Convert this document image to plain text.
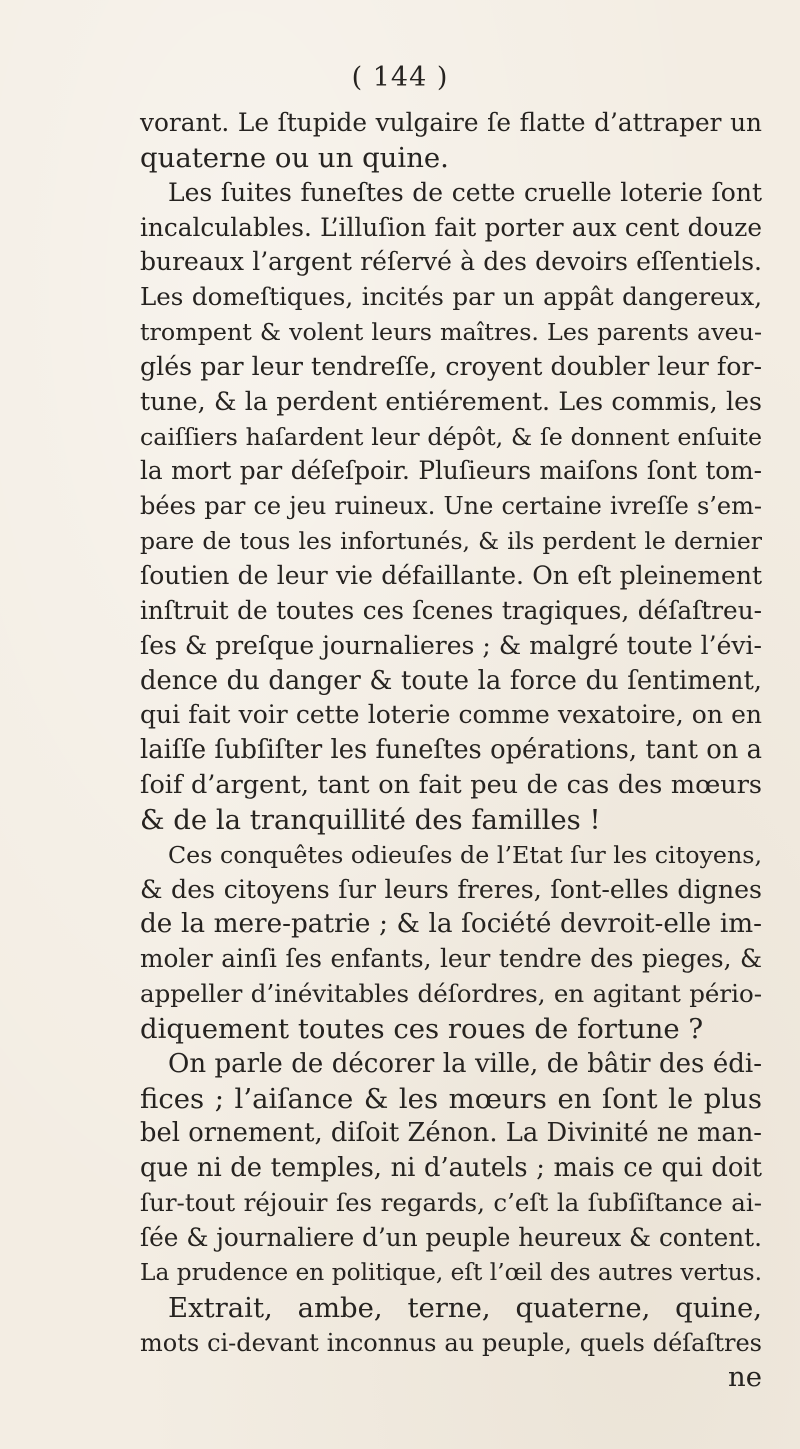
( 144 )
vorant. Le ſtupide vulgaire ſe flatte d’attraper un
quaterne ou un quine.
Les ſuites funeſtes de cette cruelle loterie ſont
incalculables. L’illuſion fait porter aux cent douze
bureaux l’argent réſervé à des devoirs eſſentiels.
Les domeſtiques, incités par un appât dangereux,
trompent & volent leurs maîtres. Les parents aveu-
glés par leur tendreſſe, croyent doubler leur for-
tune, & la perdent entiérement. Les commis, les
caiſſiers haſardent leur dépôt, & ſe donnent enſuite
la mort par déſeſpoir. Pluſieurs maiſons ſont tom-
bées par ce jeu ruineux. Une certaine ivreſſe s’em-
pare de tous les infortunés, & ils perdent le dernier
ſoutien de leur vie défaillante. On eſt pleinement
inſtruit de toutes ces ſcenes tragiques, déſaſtreu-
ſes & preſque journalieres ; & malgré toute l’évi-
dence du danger & toute la force du ſentiment,
qui fait voir cette loterie comme vexatoire, on en
laiſſe ſubſiſter les funeſtes opérations, tant on a
ſoif d’argent, tant on fait peu de cas des mœurs
& de la tranquillité des familles !
Ces conquêtes odieuſes de l’Etat ſur les citoyens,
& des citoyens ſur leurs freres, ſont-elles dignes
de la mere-patrie ; & la ſociété devroit-elle im-
moler ainſi ſes enfants, leur tendre des pieges, &
appeller d’inévitables déſordres, en agitant pério-
diquement toutes ces roues de fortune ?
On parle de décorer la ville, de bâtir des édi-
fices ; l’aiſance & les mœurs en ſont le plus
bel ornement, diſoit Zénon. La Divinité ne man-
que ni de temples, ni d’autels ; mais ce qui doit
ſur-tout réjouir ſes regards, c’eſt la ſubſiſtance ai-
ſée & journaliere d’un peuple heureux & content.
La prudence en politique, eſt l’œil des autres vertus.
Extrait, ambe, terne, quaterne, quine,
mots ci-devant inconnus au peuple, quels déſaſtres
ne
